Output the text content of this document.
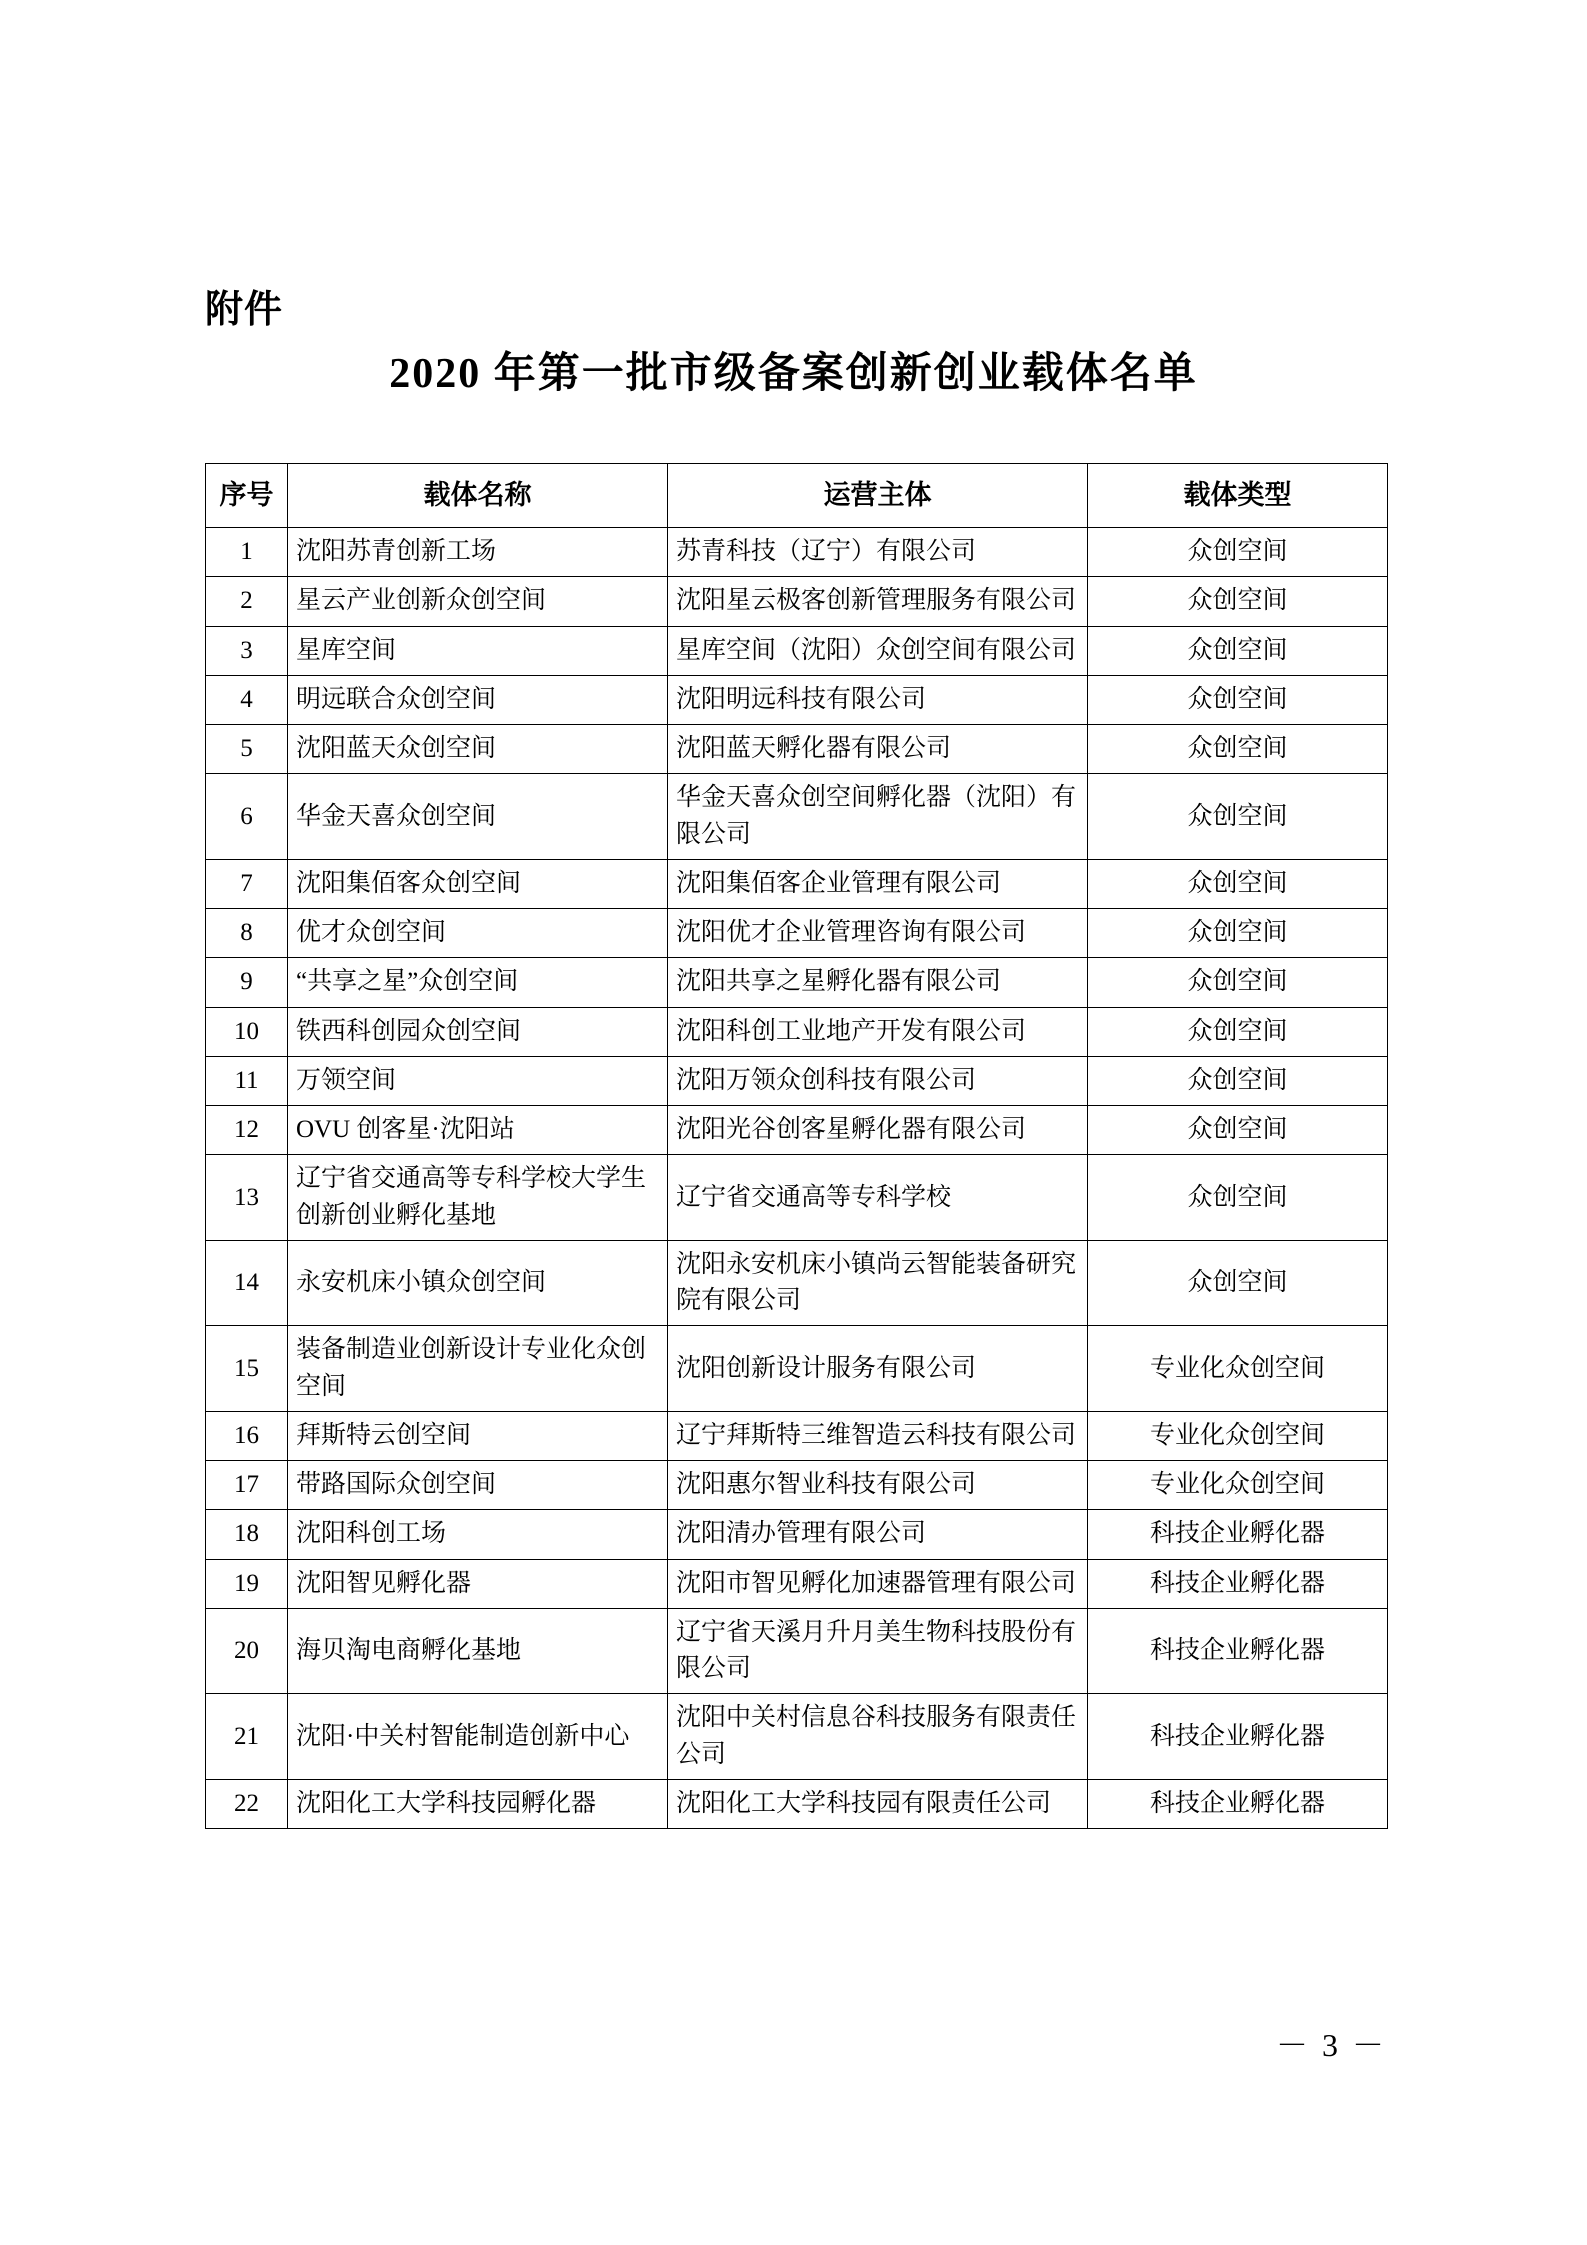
附件
2020 年第一批市级备案创新创业载体名单
序号	载体名称	运营主体	载体类型
1	沈阳苏青创新工场	苏青科技（辽宁）有限公司	众创空间
2	星云产业创新众创空间	沈阳星云极客创新管理服务有限公司	众创空间
3	星库空间	星库空间（沈阳）众创空间有限公司	众创空间
4	明远联合众创空间	沈阳明远科技有限公司	众创空间
5	沈阳蓝天众创空间	沈阳蓝天孵化器有限公司	众创空间
6	华金天喜众创空间	华金天喜众创空间孵化器（沈阳）有限公司	众创空间
7	沈阳集佰客众创空间	沈阳集佰客企业管理有限公司	众创空间
8	优才众创空间	沈阳优才企业管理咨询有限公司	众创空间
9	“共享之星”众创空间	沈阳共享之星孵化器有限公司	众创空间
10	铁西科创园众创空间	沈阳科创工业地产开发有限公司	众创空间
11	万领空间	沈阳万领众创科技有限公司	众创空间
12	OVU 创客星·沈阳站	沈阳光谷创客星孵化器有限公司	众创空间
13	辽宁省交通高等专科学校大学生创新创业孵化基地	辽宁省交通高等专科学校	众创空间
14	永安机床小镇众创空间	沈阳永安机床小镇尚云智能装备研究院有限公司	众创空间
15	装备制造业创新设计专业化众创空间	沈阳创新设计服务有限公司	专业化众创空间
16	拜斯特云创空间	辽宁拜斯特三维智造云科技有限公司	专业化众创空间
17	带路国际众创空间	沈阳惠尔智业科技有限公司	专业化众创空间
18	沈阳科创工场	沈阳清办管理有限公司	科技企业孵化器
19	沈阳智见孵化器	沈阳市智见孵化加速器管理有限公司	科技企业孵化器
20	海贝淘电商孵化基地	辽宁省天溪月升月美生物科技股份有限公司	科技企业孵化器
21	沈阳·中关村智能制造创新中心	沈阳中关村信息谷科技服务有限责任公司	科技企业孵化器
22	沈阳化工大学科技园孵化器	沈阳化工大学科技园有限责任公司	科技企业孵化器
－ 3 －
